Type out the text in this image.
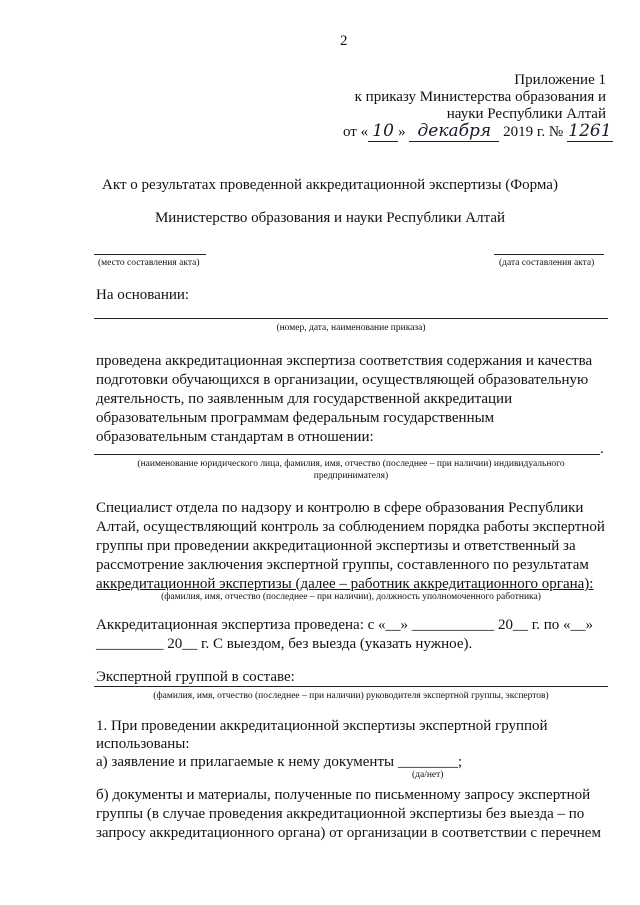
2
Приложение 1
к приказу Министерства образования и
науки Республики Алтай
от « 10 » декабря 2019 г. № 1261
Акт о результатах проведенной аккредитационной экспертизы (Форма)
Министерство образования и науки Республики Алтай
(место составления акта)	(дата составления акта)
На основании:
(номер, дата, наименование приказа)
проведена аккредитационная экспертиза соответствия содержания и качества
подготовки обучающихся в организации, осуществляющей образовательную
деятельность, по заявленным для государственной аккредитации
образовательным программам федеральным государственным
образовательным стандартам в отношении:
.
(наименование юридического лица, фамилия, имя, отчество (последнее – при наличии) индивидуального
предпринимателя)
Специалист отдела по надзору и контролю в сфере образования Республики
Алтай, осуществляющий контроль за соблюдением порядка работы экспертной
группы при проведении аккредитационной экспертизы и ответственный за
рассмотрение заключения экспертной группы, составленного по результатам
аккредитационной экспертизы (далее – работник аккредитационного органа):
(фамилия, имя, отчество (последнее – при наличии), должность уполномоченного работника)
Аккредитационная экспертиза проведена: с «__» ___________ 20__ г. по «__»
_________ 20__ г. С выездом, без выезда (указать нужное).
Экспертной группой в составе:
(фамилия, имя, отчество (последнее – при наличии) руководителя экспертной группы, экспертов)
1. При проведении аккредитационной экспертизы экспертной группой
использованы:
а) заявление и прилагаемые к нему документы ________;
(да/нет)
б) документы и материалы, полученные по письменному запросу экспертной
группы (в случае проведения аккредитационной экспертизы без выезда – по
запросу аккредитационного органа) от организации в соответствии с перечнем
